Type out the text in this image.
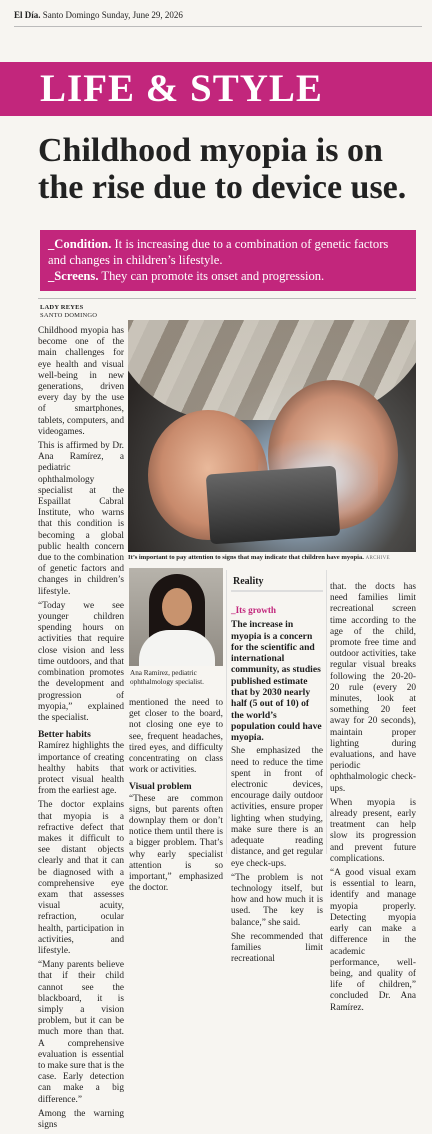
El Día. Santo Domingo Sunday, June 29, 2026
LIFE & STYLE
Childhood myopia is on the rise due to device use.

_Condition. It is increasing due to a combination of genetic factors and changes in children’s lifestyle.

_Screens. They can promote its onset and progression.

LADY REYES
SANTO DOMINGO

Childhood myopia has become one of the main challenges for eye health and visual well-being in new generations, driven every day by the use of smartphones, tablets, computers, and videogames.

This is affirmed by Dr. Ana Ramírez, a pediatric ophthalmology specialist at the Espaillat Cabral Institute, who warns that this condition is becoming a global public health concern due to the combination of genetic factors and changes in children’s lifestyle.

“Today we see younger children spending hours on activities that require close vision and less time outdoors, and that combination promotes the development and progression of myopia,” explained the specialist.

Better habits

Ramírez highlights the importance of creating healthy habits that protect visual health from the earliest age.

The doctor explains that myopia is a refractive defect that makes it difficult to see distant objects clearly and that it can be diagnosed with a comprehensive eye exam that assesses visual acuity, refraction, ocular health, participation in activities, and lifestyle.

“Many parents believe that if their child cannot see the blackboard, it is simply a vision problem, but it can be much more than that. A comprehensive evaluation is essential to make sure that is the case. Early detection can make a big difference.”

Among the warning signs

It’s important to pay attention to signs that may indicate that children have myopia. ARCHIVE
Ana Ramírez, pediatric ophthalmology specialist.

mentioned the need to get closer to the board, not closing one eye to see, frequent headaches, tired eyes, and difficulty concentrating on class work or activities.

Visual problem

“These are common signs, but parents often downplay them or don’t notice them until there is a bigger problem. That’s why early specialist attention is so important,” emphasized the doctor.

Reality

_Its growth

The increase in myopia is a concern for the scientific and international community, as studies published estimate that by 2030 nearly half (5 out of 10) of the world’s population could have myopia.

She emphasized the need to reduce the time spent in front of electronic devices, encourage daily outdoor activities, ensure proper lighting when studying, make sure there is an adequate reading distance, and get regular eye check-ups.

“The problem is not technology itself, but how and how much it is used. The key is balance,” she said.

She recommended that families limit recreational

that. the docts has need families limit recreational screen time according to the age of the child, promote free time and outdoor activities, take regular visual breaks following the 20-20-20 rule (every 20 minutes, look at something 20 feet away for 20 seconds), maintain proper lighting during evaluations, and have periodic ophthalmologic check-ups.

When myopia is already present, early treatment can help slow its progression and prevent future complications.

“A good visual exam is essential to learn, identify and manage myopia properly. Detecting myopia early can make a difference in the academic performance, well-being, and quality of life of children,” concluded Dr. Ana Ramírez.
